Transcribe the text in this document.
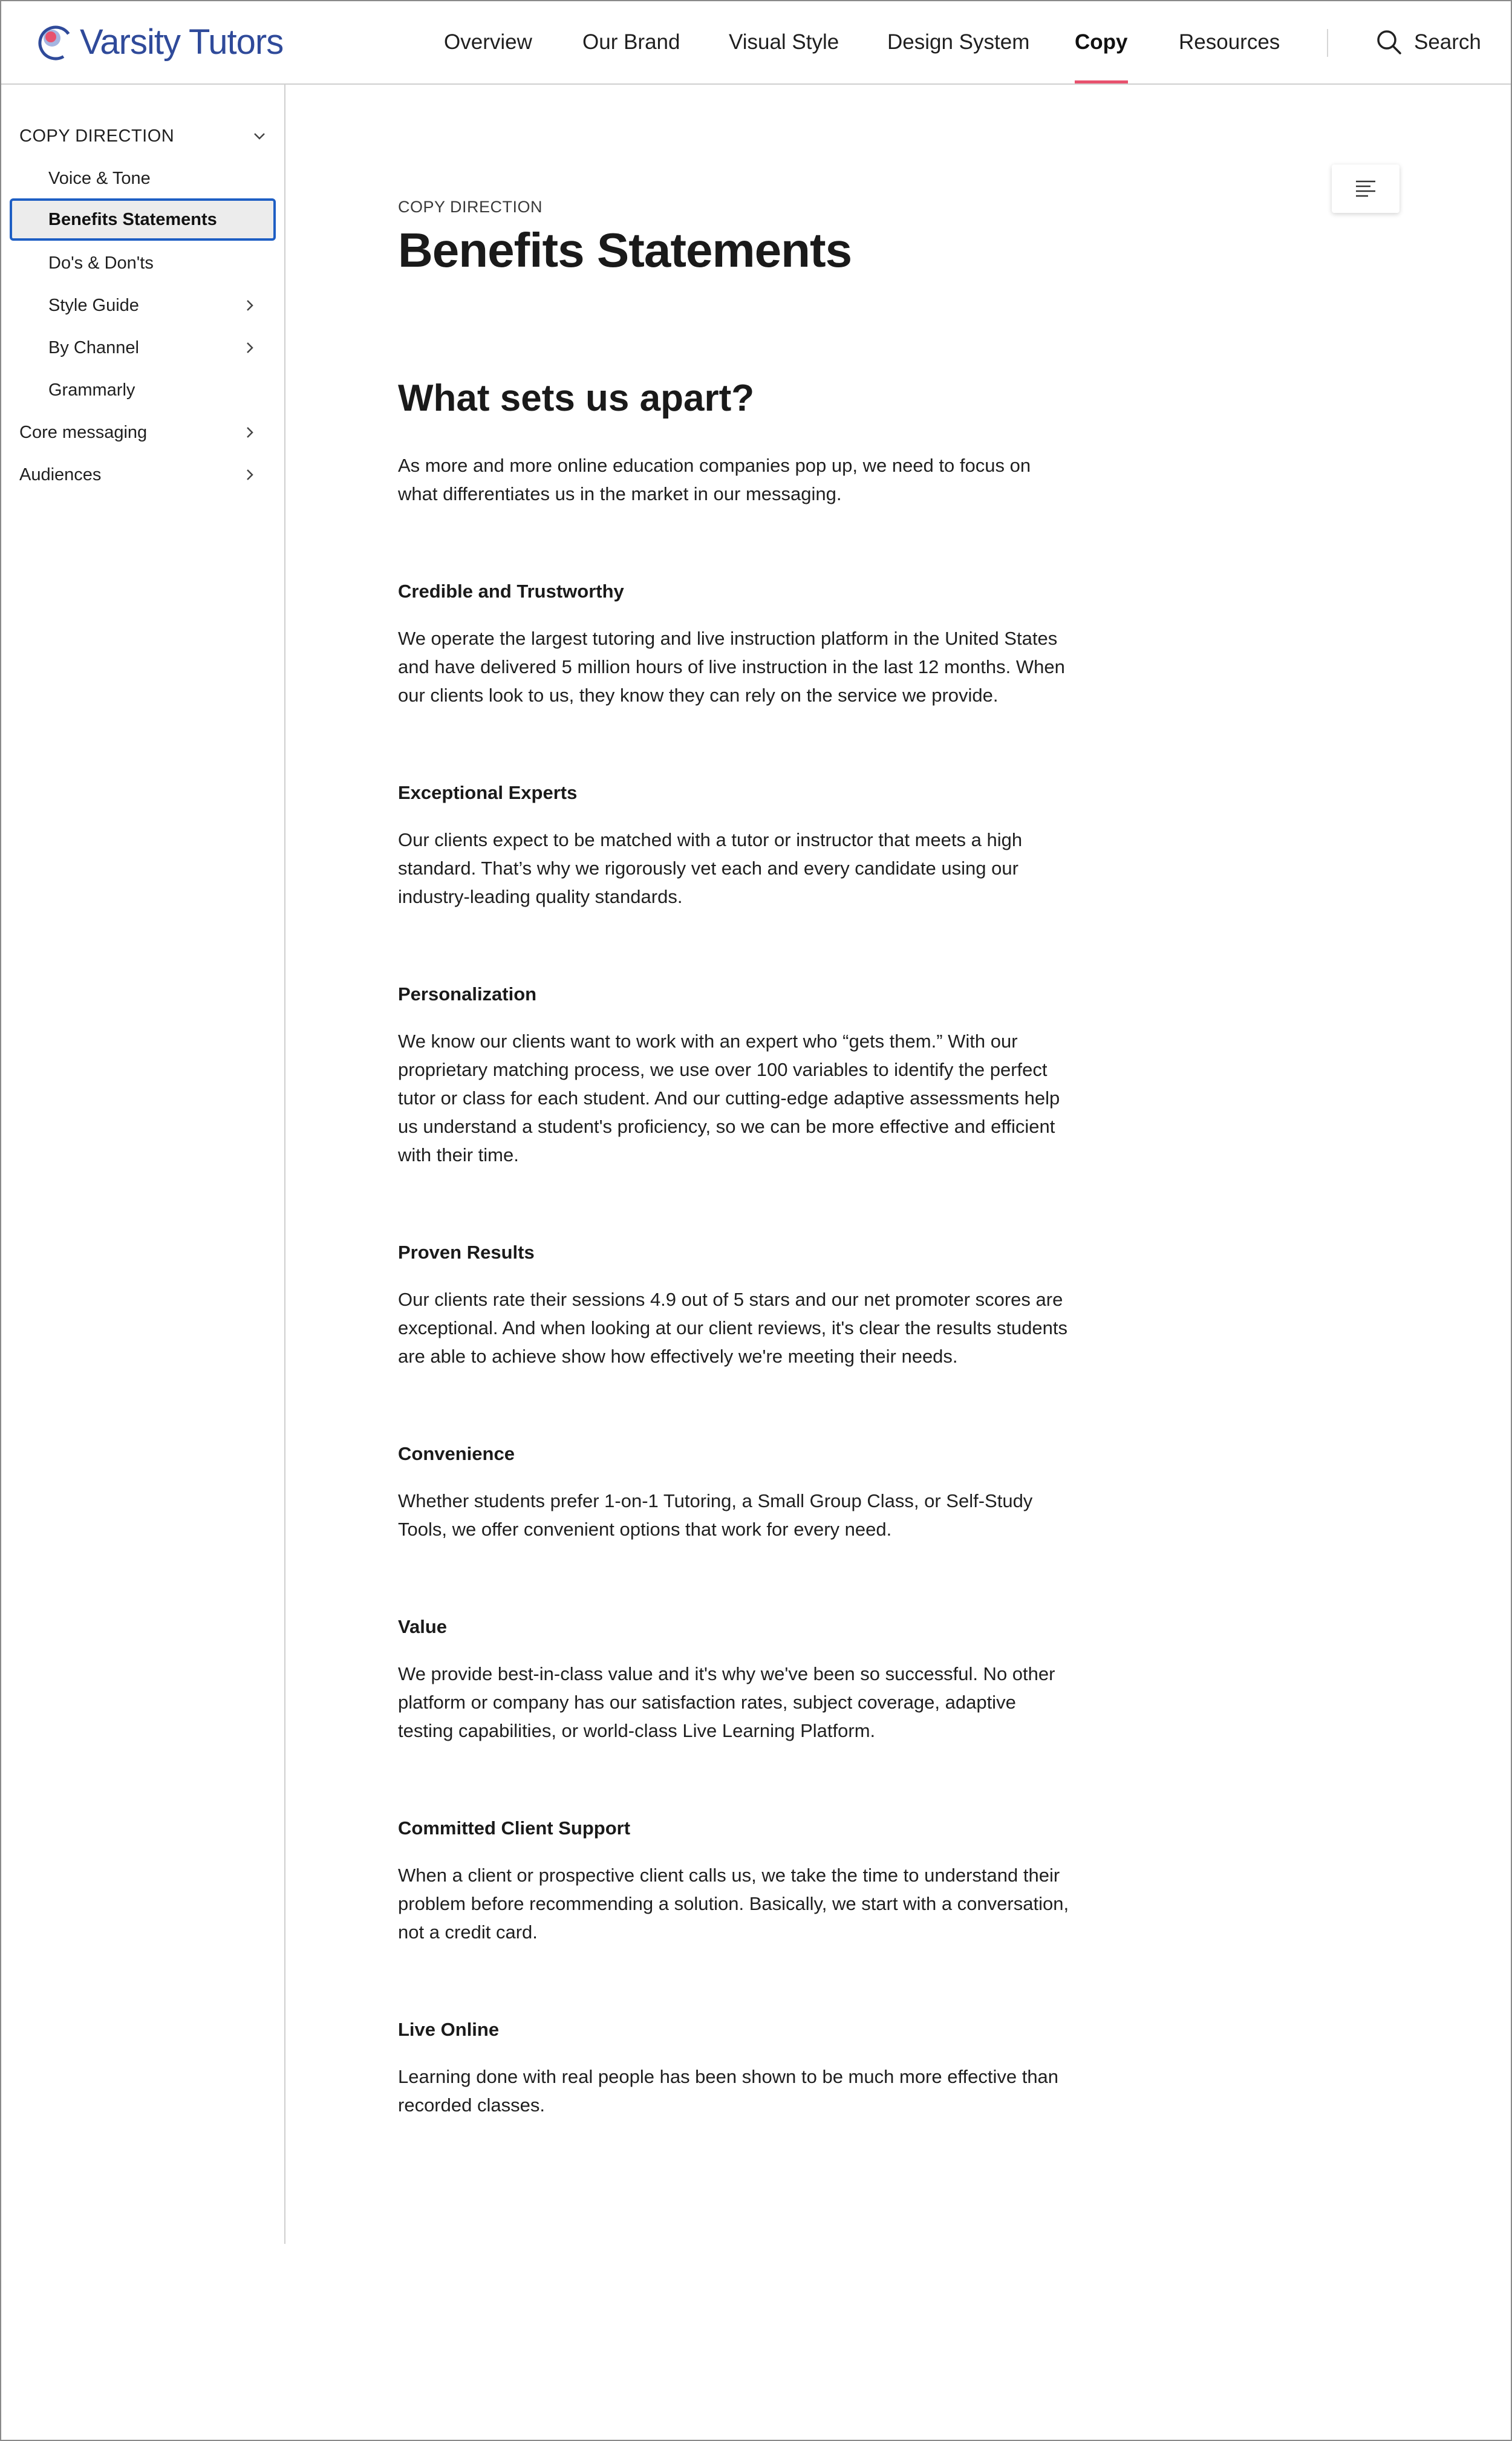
Varsity Tutors	Overview Our Brand Visual Style Design System Copy Resources	Search
COPY DIRECTION
Voice & Tone
Benefits Statements
Do's & Don'ts
Style Guide
By Channel
Grammarly
Core messaging
Audiences

COPY DIRECTION

Benefits Statements
What sets us apart?

As more and more online education companies pop up, we need to focus on what differentiates us in the market in our messaging.

Credible and Trustworthy

We operate the largest tutoring and live instruction platform in the United States and have delivered 5 million hours of live instruction in the last 12 months. When our clients look to us, they know they can rely on the service we provide.

Exceptional Experts

Our clients expect to be matched with a tutor or instructor that meets a high standard. That’s why we rigorously vet each and every candidate using our industry-leading quality standards.

Personalization

We know our clients want to work with an expert who “gets them.” With our proprietary matching process, we use over 100 variables to identify the perfect tutor or class for each student. And our cutting-edge adaptive assessments help us understand a student's proficiency, so we can be more effective and efficient with their time.

Proven Results

Our clients rate their sessions 4.9 out of 5 stars and our net promoter scores are exceptional. And when looking at our client reviews, it's clear the results students are able to achieve show how effectively we're meeting their needs.

Convenience

Whether students prefer 1-on-1 Tutoring, a Small Group Class, or Self-Study Tools, we offer convenient options that work for every need.

Value

We provide best-in-class value and it's why we've been so successful. No other platform or company has our satisfaction rates, subject coverage, adaptive testing capabilities, or world-class Live Learning Platform.

Committed Client Support

When a client or prospective client calls us, we take the time to understand their problem before recommending a solution. Basically, we start with a conversation, not a credit card.

Live Online

Learning done with real people has been shown to be much more effective than recorded classes.
